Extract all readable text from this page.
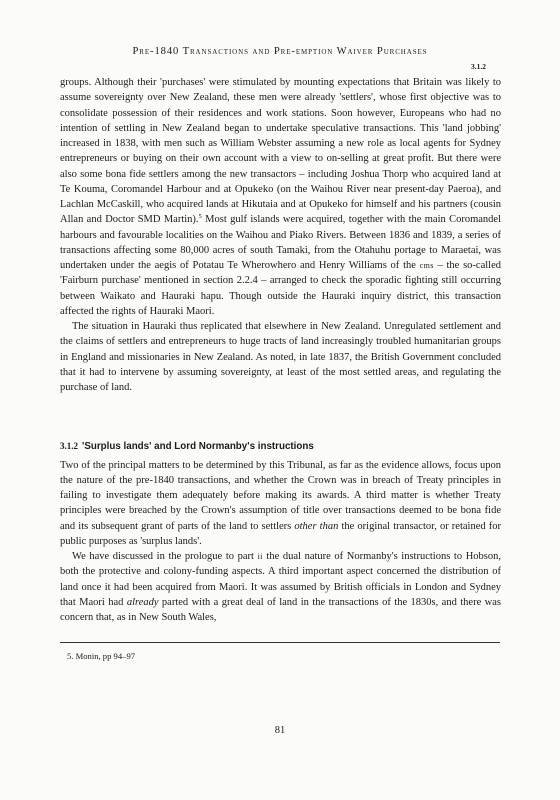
Pre-1840 Transactions and Pre-emption Waiver Purchases
3.1.2

groups. Although their 'purchases' were stimulated by mounting expectations that Britain was likely to assume sovereignty over New Zealand, these men were already 'settlers', whose first objective was to consolidate possession of their residences and work stations. Soon however, Europeans who had no intention of settling in New Zealand began to undertake speculative transactions. This 'land jobbing' increased in 1838, with men such as William Webster assuming a new role as local agents for Sydney entrepreneurs or buying on their own account with a view to on-selling at great profit. But there were also some bona fide settlers among the new transactors – including Joshua Thorp who acquired land at Te Kouma, Coromandel Harbour and at Opukeko (on the Waihou River near present-day Paeroa), and Lachlan McCaskill, who acquired lands at Hikutaia and at Opukeko for himself and his partners (cousin Allan and Doctor SMD Martin).$^5$ Most gulf islands were acquired, together with the main Coromandel harbours and favourable localities on the Waihou and Piako Rivers. Between 1836 and 1839, a series of transactions affecting some 80,000 acres of south Tamaki, from the Otahuhu portage to Maraetai, was undertaken under the aegis of Potatau Te Wherowhero and Henry Williams of the cms – the so-called 'Fairburn purchase' mentioned in section 2.2.4 – arranged to check the sporadic fighting still occurring between Waikato and Hauraki hapu. Though outside the Hauraki inquiry district, this transaction affected the rights of Hauraki Maori.

The situation in Hauraki thus replicated that elsewhere in New Zealand. Unregulated settlement and the claims of settlers and entrepreneurs to huge tracts of land increasingly troubled humanitarian groups in England and missionaries in New Zealand. As noted, in late 1837, the British Government concluded that it had to intervene by assuming sovereignty, at least of the most settled areas, and regulating the purchase of land.

3.1.2 'Surplus lands' and Lord Normanby's instructions

Two of the principal matters to be determined by this Tribunal, as far as the evidence allows, focus upon the nature of the pre-1840 transactions, and whether the Crown was in breach of Treaty principles in failing to investigate them adequately before making its awards. A third matter is whether Treaty principles were breached by the Crown's assumption of title over transactions deemed to be bona fide and its subsequent grant of parts of the land to settlers other than the original transactor, or retained for public purposes as 'surplus lands'.

We have discussed in the prologue to part ii the dual nature of Normanby's instructions to Hobson, both the protective and colony-funding aspects. A third important aspect concerned the distribution of land once it had been acquired from Maori. It was assumed by British officials in London and Sydney that Maori had already parted with a great deal of land in the transactions of the 1830s, and there was concern that, as in New South Wales,

5. Monin, pp 94–97
81
